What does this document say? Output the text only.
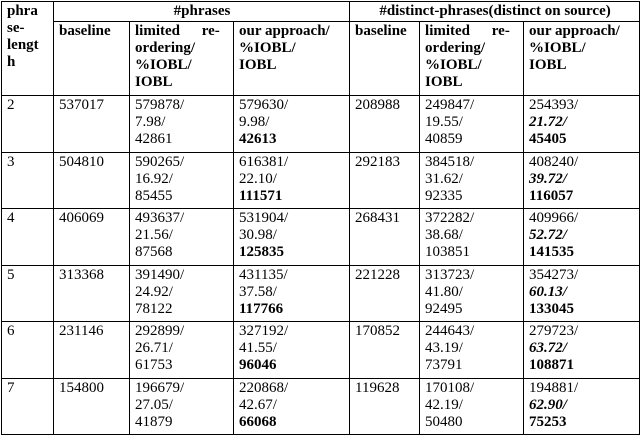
phra
se-
lengt
h	#phrases			#distinct-phrases(distinct on source)		
	baseline	limited re-
ordering/
%IOBL/
IOBL	our approach/
%IOBL/
IOBL	baseline	limited re-
ordering/
%IOBL/
IOBL	our approach/
%IOBL/
IOBL

2	537017	579878/
7.98/
42861	579630/
9.98/
42613	208988	249847/
19.55/
40859	254393/
21.72/
45405

3	504810	590265/
16.92/
85455	616381/
22.10/
111571	292183	384518/
31.62/
92335	408240/
39.72/
116057

4	406069	493637/
21.56/
87568	531904/
30.98/
125835	268431	372282/
38.68/
103851	409966/
52.72/
141535

5	313368	391490/
24.92/
78122	431135/
37.58/
117766	221228	313723/
41.80/
92495	354273/
60.13/
133045

6	231146	292899/
26.71/
61753	327192/
41.55/
96046	170852	244643/
43.19/
73791	279723/
63.72/
108871

7	154800	196679/
27.05/
41879	220868/
42.67/
66068	119628	170108/
42.19/
50480	194881/
62.90/
75253
